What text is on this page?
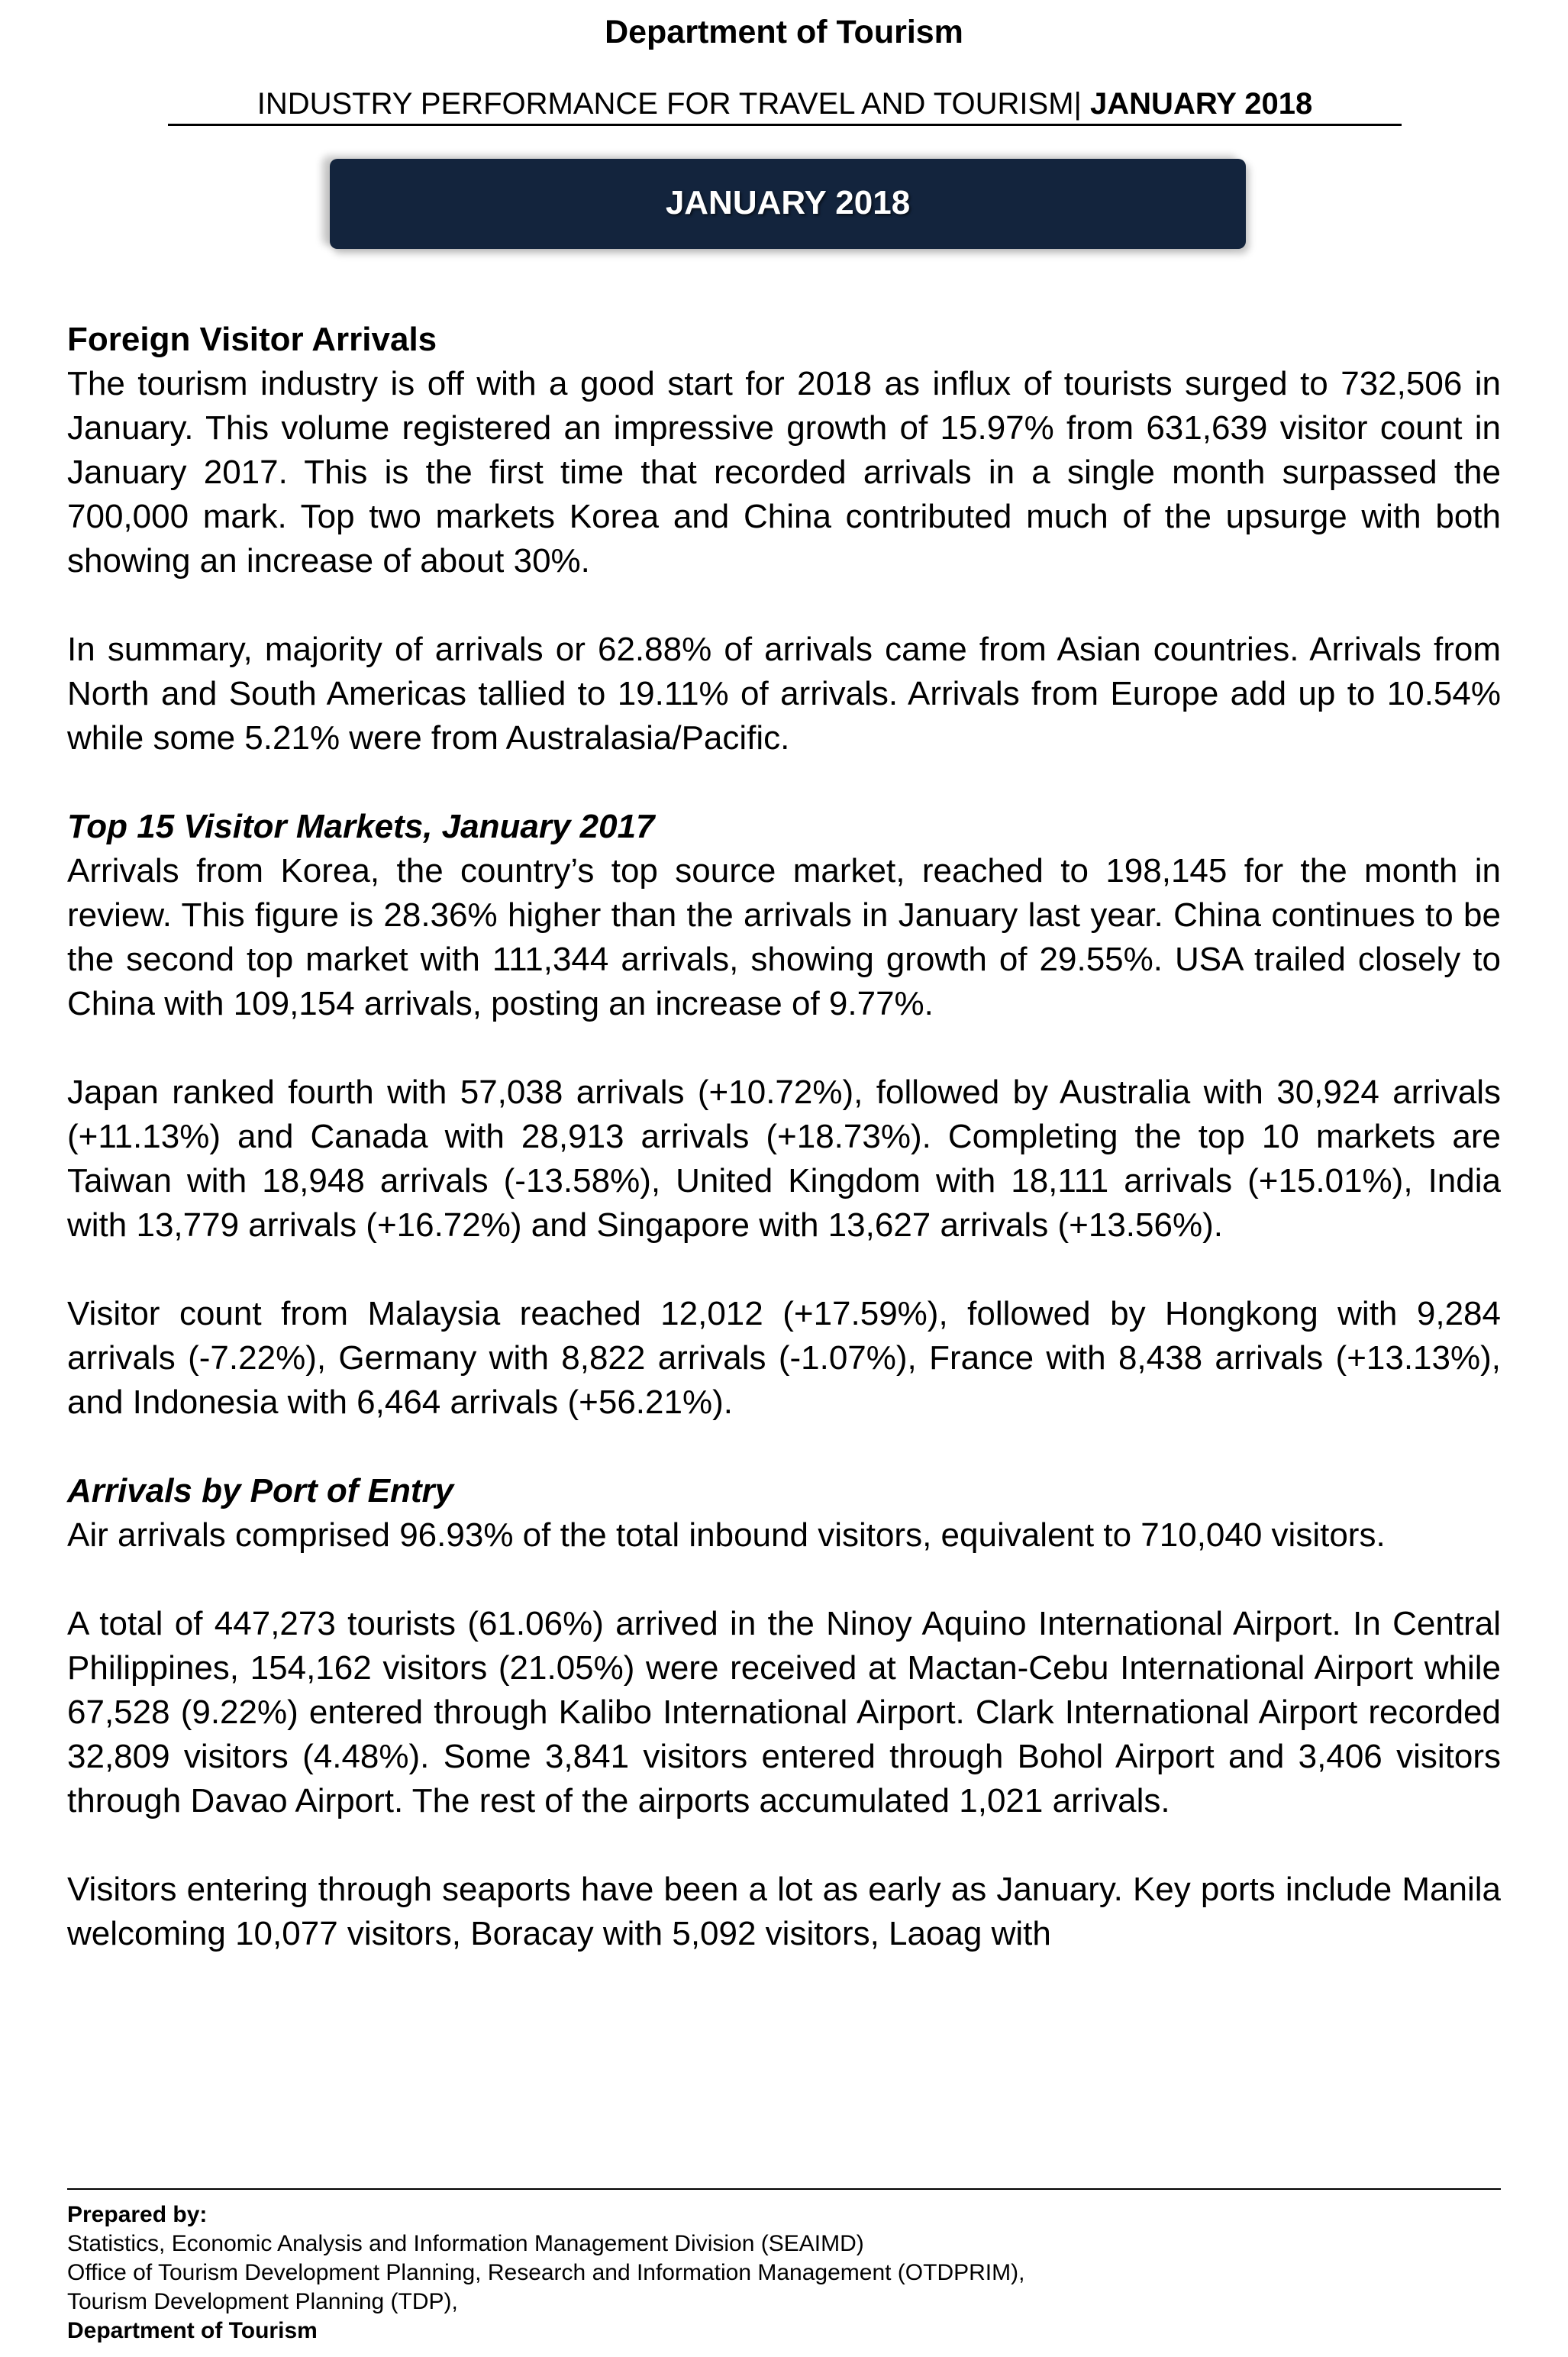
Department of Tourism
INDUSTRY PERFORMANCE FOR TRAVEL AND TOURISM| JANUARY 2018
JANUARY 2018
Foreign Visitor Arrivals

The tourism industry is off with a good start for 2018 as influx of tourists surged to 732,506 in January. This volume registered an impressive growth of 15.97% from 631,639 visitor count in January 2017. This is the first time that recorded arrivals in a single month surpassed the 700,000 mark. Top two markets Korea and China contributed much of the upsurge with both showing an increase of about 30%.

In summary, majority of arrivals or 62.88% of arrivals came from Asian countries. Arrivals from North and South Americas tallied to 19.11% of arrivals. Arrivals from Europe add up to 10.54% while some 5.21% were from Australasia/Pacific.

Top 15 Visitor Markets, January 2017

Arrivals from Korea, the country’s top source market, reached to 198,145 for the month in review. This figure is 28.36% higher than the arrivals in January last year. China continues to be the second top market with 111,344 arrivals, showing growth of 29.55%. USA trailed closely to China with 109,154 arrivals, posting an increase of 9.77%.

Japan ranked fourth with 57,038 arrivals (+10.72%), followed by Australia with 30,924 arrivals (+11.13%) and Canada with 28,913 arrivals (+18.73%). Completing the top 10 markets are Taiwan with 18,948 arrivals (-13.58%), United Kingdom with 18,111 arrivals (+15.01%), India with 13,779 arrivals (+16.72%) and Singapore with 13,627 arrivals (+13.56%).

Visitor count from Malaysia reached 12,012 (+17.59%), followed by Hongkong with 9,284 arrivals (-7.22%), Germany with 8,822 arrivals (-1.07%), France with 8,438 arrivals (+13.13%), and Indonesia with 6,464 arrivals (+56.21%).

Arrivals by Port of Entry

Air arrivals comprised 96.93% of the total inbound visitors, equivalent to 710,040 visitors.

A total of 447,273 tourists (61.06%) arrived in the Ninoy Aquino International Airport. In Central Philippines, 154,162 visitors (21.05%) were received at Mactan-Cebu International Airport while 67,528 (9.22%) entered through Kalibo International Airport. Clark International Airport recorded 32,809 visitors (4.48%). Some 3,841 visitors entered through Bohol Airport and 3,406 visitors through Davao Airport. The rest of the airports accumulated 1,021 arrivals.

Visitors entering through seaports have been a lot as early as January. Key ports include Manila welcoming 10,077 visitors, Boracay with 5,092 visitors, Laoag with

Prepared by:
Statistics, Economic Analysis and Information Management Division (SEAIMD)
Office of Tourism Development Planning, Research and Information Management (OTDPRIM),
Tourism Development Planning (TDP),
Department of Tourism
